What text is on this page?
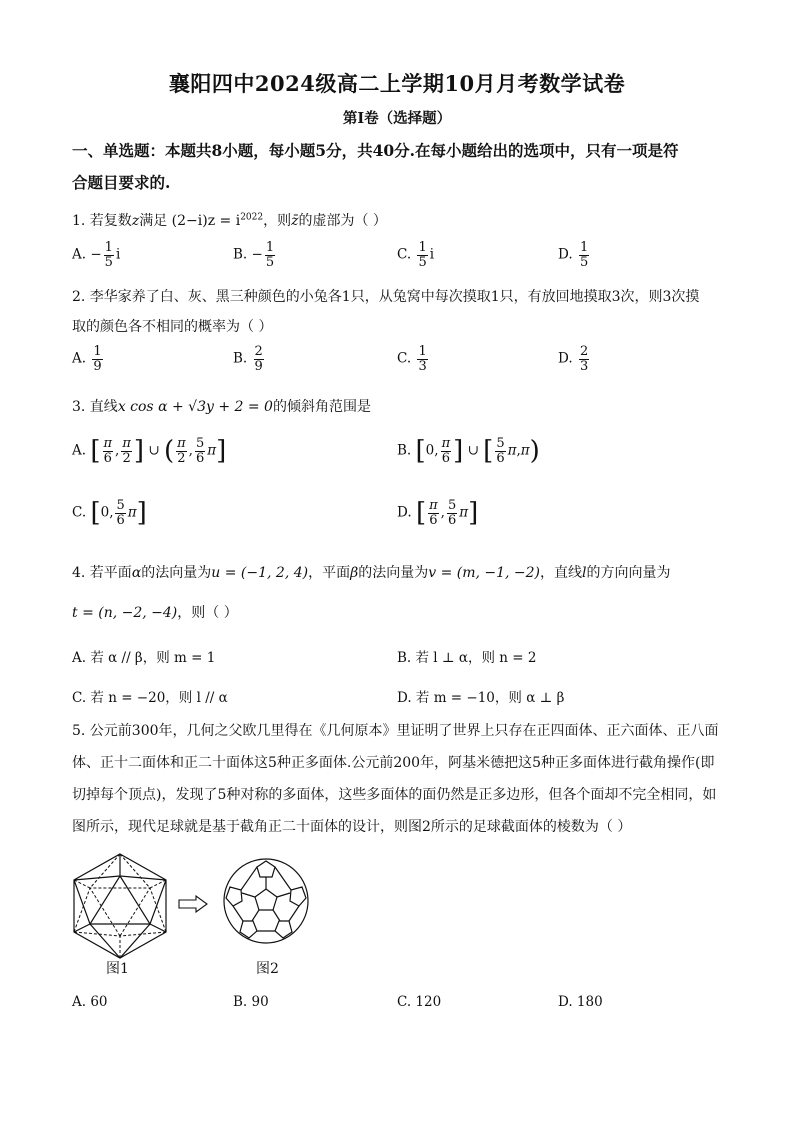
襄阳四中2024级高二上学期10月月考数学试卷
第Ⅰ卷（选择题）
一、单选题：本题共8小题，每小题5分，共40分.在每小题给出的选项中，只有一项是符
合题目要求的.
1. 若复数z满足 $(2-i)z = i^{2022}$，则z̄的虚部为（ ）
A. − $\frac{1}{5}$ i	B. − $\frac{1}{5}$	C. $\frac{1}{5}$ i	D. $\frac{1}{5}$
2. 李华家养了白、灰、黑三种颜色的小兔各1只，从兔窝中每次摸取1只，有放回地摸取3次，则3次摸
取的颜色各不相同的概率为（ ）
A. $\frac{1}{9}$	B. $\frac{2}{9}$	C. $\frac{1}{3}$	D. $\frac{2}{3}$
3. 直线x cos α + √3y + 2 = 0的倾斜角范围是
A. [ $\frac{\pi}{6}$ , $\frac{\pi}{2}$ ] ∪ ( $\frac{\pi}{2}$ , $\frac{5}{6} \pi$]	B. [0, $\frac{\pi}{6}$ ] ∪ [ $\frac{5}{6} \pi,\pi$)
C. [0, $\frac{5}{6} \pi$]	D. [ $\frac{\pi}{6}$ , $\frac{5}{6} \pi$]
4. 若平面α的法向量为u = (−1, 2, 4)，平面β的法向量为v = (m, −1, −2)，直线l的方向向量为
t = (n, −2, −4)，则（ ）
A. 若 α // β，则 m = 1	B. 若 l ⊥ α，则 n = 2
C. 若 n = −20，则 l // α	D. 若 m = −10，则 α ⊥ β
5. 公元前300年，几何之父欧几里得在《几何原本》里证明了世界上只存在正四面体、正六面体、正八面
体、正十二面体和正二十面体这5种正多面体.公元前200年，阿基米德把这5种正多面体进行截角操作(即
切掉每个顶点)，发现了5种对称的多面体，这些多面体的面仍然是正多边形，但各个面却不完全相同，如
图所示，现代足球就是基于截角正二十面体的设计，则图2所示的足球截面体的棱数为（ ）
图1	图2
A. 60	B. 90	C. 120	D. 180
